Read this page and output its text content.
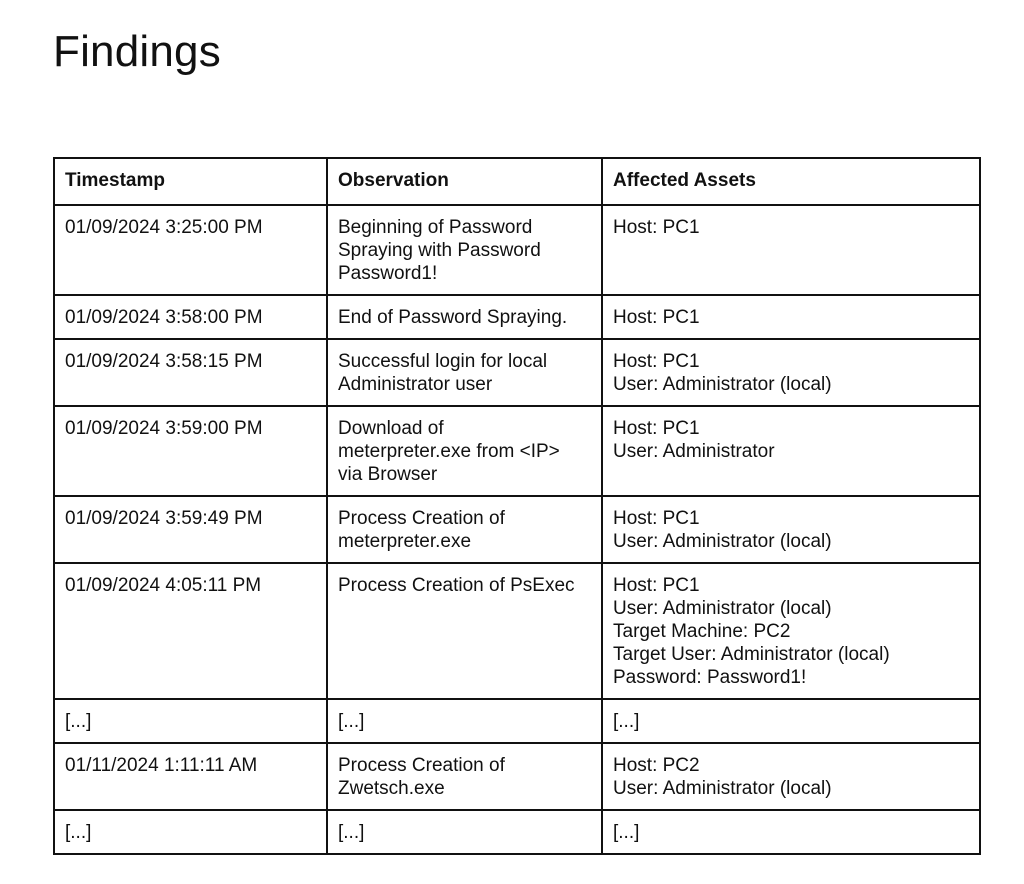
Findings
Timestamp	Observation	Affected Assets

01/09/2024 3:25:00 PM	Beginning of Password
Spraying with Password
Password1!	Host: PC1

01/09/2024 3:58:00 PM	End of Password Spraying.	Host: PC1

01/09/2024 3:58:15 PM	Successful login for local
Administrator user	Host: PC1
User: Administrator (local)

01/09/2024 3:59:00 PM	Download of
meterpreter.exe from <IP>
via Browser	Host: PC1
User: Administrator

01/09/2024 3:59:49 PM	Process Creation of
meterpreter.exe	Host: PC1
User: Administrator (local)

01/09/2024 4:05:11 PM	Process Creation of PsExec	Host: PC1
User: Administrator (local)
Target Machine: PC2
Target User: Administrator (local)
Password: Password1!

[...]	[...]	[...]

01/11/2024 1:11:11 AM	Process Creation of
Zwetsch.exe	Host: PC2
User: Administrator (local)

[...]	[...]	[...]
